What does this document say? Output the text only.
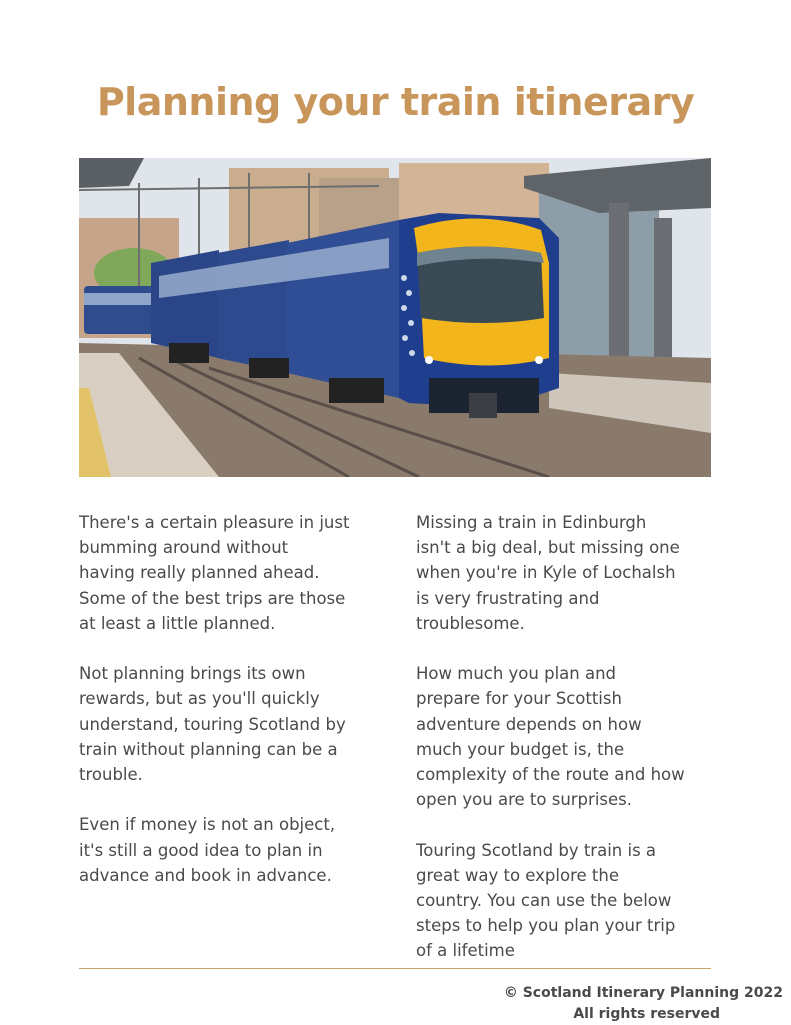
Planning your train itinerary

There's a certain pleasure in just
bumming around without
having really planned ahead.
Some of the best trips are those
at least a little planned.

Not planning brings its own
rewards, but as you'll quickly
understand, touring Scotland by
train without planning can be a
trouble.

Even if money is not an object,
it's still a good idea to plan in
advance and book in advance.

Missing a train in Edinburgh
isn't a big deal, but missing one
when you're in Kyle of Lochalsh
is very frustrating and
troublesome.

How much you plan and
prepare for your Scottish
adventure depends on how
much your budget is, the
complexity of the route and how
open you are to surprises.

Touring Scotland by train is a
great way to explore the
country. You can use the below
steps to help you plan your trip
of a lifetime

© Scotland Itinerary Planning 2022
All rights reserved
